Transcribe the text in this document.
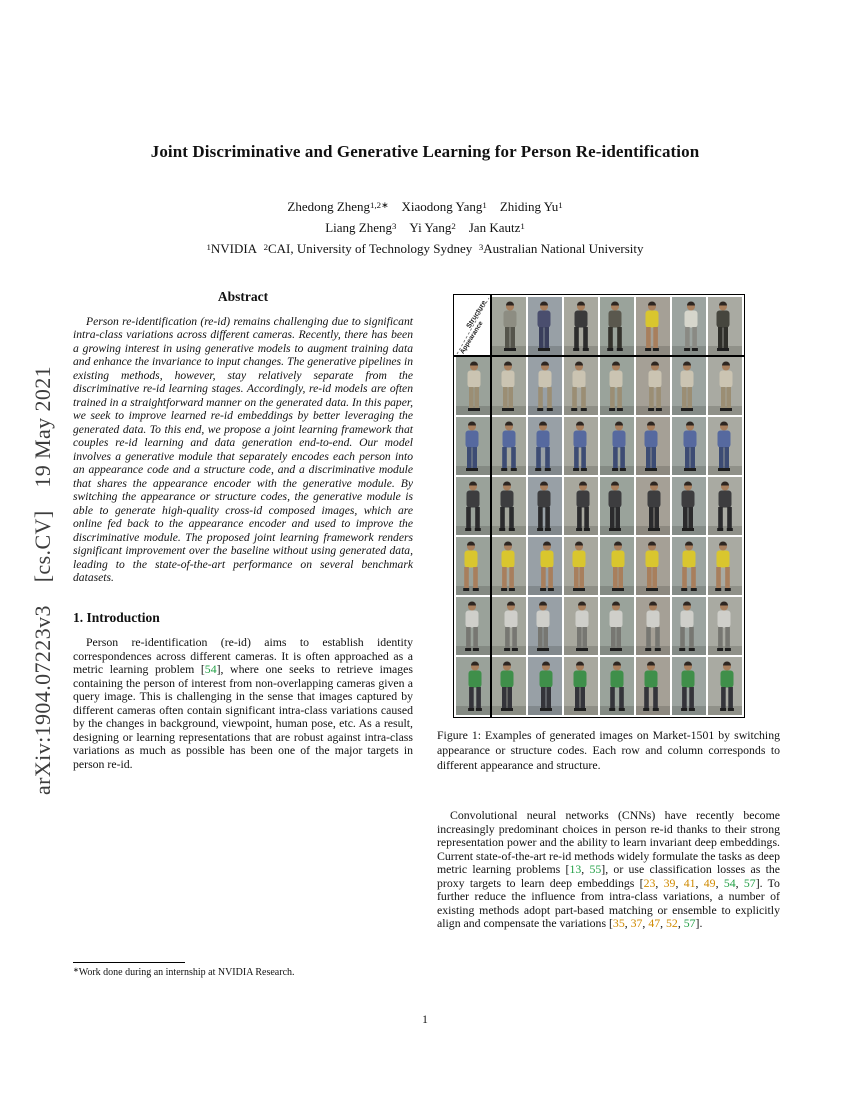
arXiv:1904.07223v3  [cs.CV]  19 May 2021
Joint Discriminative and Generative Learning for Person Re-identification
Zhedong Zheng$^{1,2∗}$ Xiaodong Yang$^1$ Zhiding Yu$^1$
Liang Zheng$^3$ Yi Yang$^2$ Jan Kautz$^1$
$^1$NVIDIA $^2$CAI, University of Technology Sydney $^3$Australian National University
Abstract

Person re-identification (re-id) remains challenging due to significant intra-class variations across different cameras. Recently, there has been a growing interest in using generative models to augment training data and enhance the invariance to input changes. The generative pipelines in existing methods, however, stay relatively separate from the discriminative re-id learning stages. Accordingly, re-id models are often trained in a straightforward manner on the generated data. In this paper, we seek to improve learned re-id embeddings by better leveraging the generated data. To this end, we propose a joint learning framework that couples re-id learning and data generation end-to-end. Our model involves a generative module that separately encodes each person into an appearance code and a structure code, and a discriminative module that shares the appearance encoder with the generative module. By switching the appearance or structure codes, the generative module is able to generate high-quality cross-id composed images, which are online fed back to the appearance encoder and used to improve the discriminative module. The proposed joint learning framework renders significant improvement over the baseline without using generated data, leading to the state-of-the-art performance on several benchmark datasets.

1. Introduction

Person re-identification (re-id) aims to establish identity correspondences across different cameras. It is often approached as a metric learning problem [54], where one seeks to retrieve images containing the person of interest from non-overlapping cameras given a query image. This is challenging in the sense that images captured by different cameras often contain significant intra-class variations caused by the changes in background, viewpoint, human pose, etc. As a result, designing or learning representations that are robust against intra-class variations as much as possible has been one of the major targets in person re-id.

Structure
Appearance

Figure 1: Examples of generated images on Market-1501 by switching appearance or structure codes. Each row and column corresponds to different appearance and structure.

Convolutional neural networks (CNNs) have recently become increasingly predominant choices in person re-id thanks to their strong representation power and the ability to learn invariant deep embeddings. Current state-of-the-art re-id methods widely formulate the tasks as deep metric learning problems [13, 55], or use classification losses as the proxy targets to learn deep embeddings [23, 39, 41, 49, 54, 57]. To further reduce the influence from intra-class variations, a number of existing methods adopt part-based matching or ensemble to explicitly align and compensate the variations [35, 37, 47, 52, 57].

∗Work done during an internship at NVIDIA Research.
1
